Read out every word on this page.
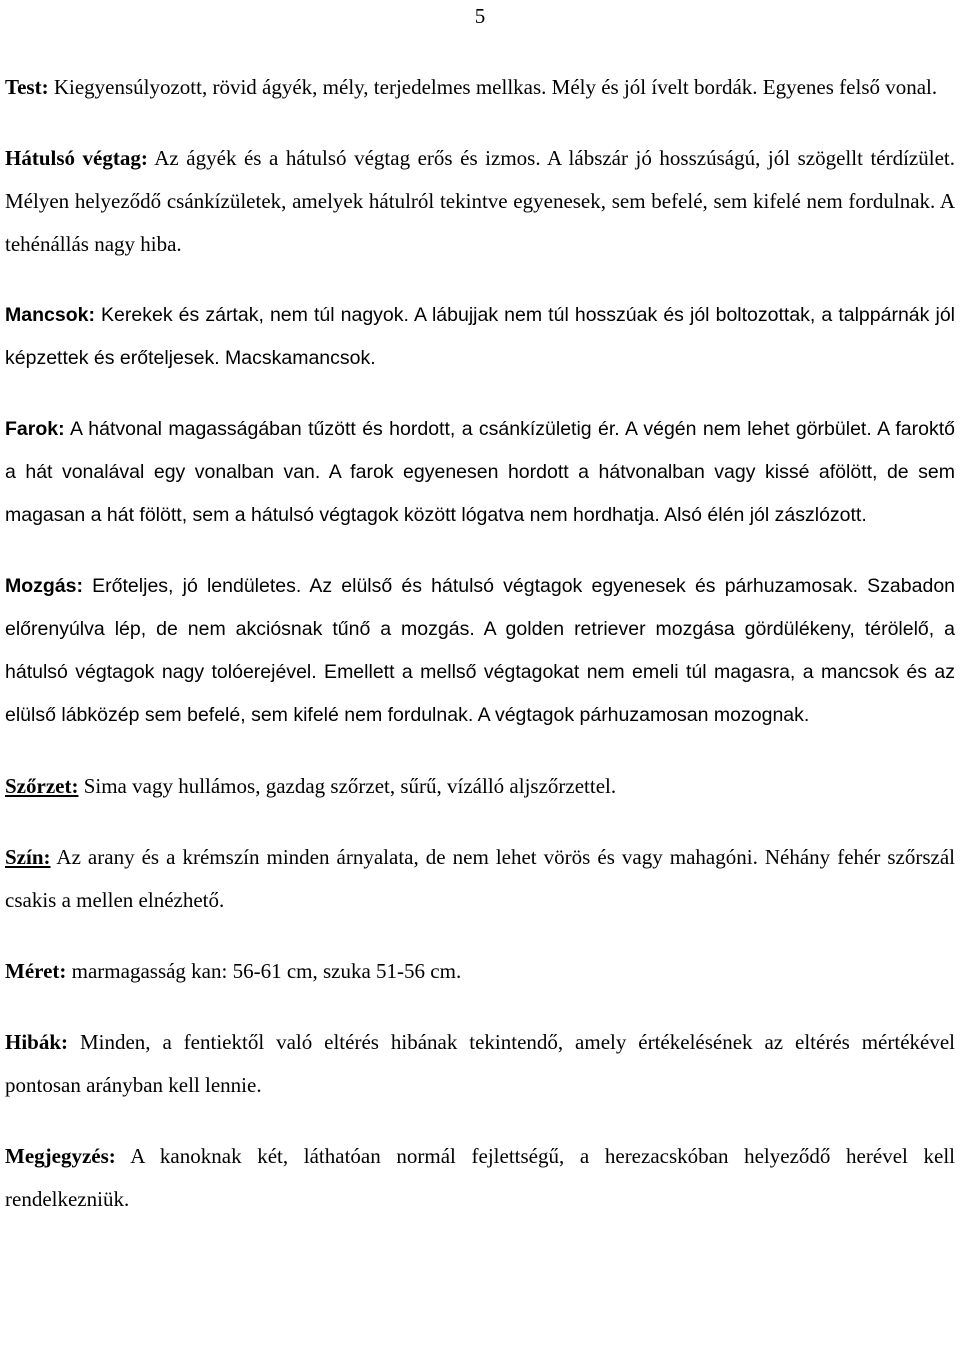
5

Test: Kiegyensúlyozott, rövid ágyék, mély, terjedelmes mellkas. Mély és jól ívelt bordák. Egyenes felső vonal.

Hátulsó végtag: Az ágyék és a hátulsó végtag erős és izmos. A lábszár jó hosszúságú, jól szögellt térdízület. Mélyen helyeződő csánkízületek, amelyek hátulról tekintve egyenesek, sem befelé, sem kifelé nem fordulnak. A tehénállás nagy hiba.

Mancsok: Kerekek és zártak, nem túl nagyok. A lábujjak nem túl hosszúak és jól boltozottak, a talppárnák jól képzettek és erőteljesek. Macskamancsok.

Farok: A hátvonal magasságában tűzött és hordott, a csánkízületig ér. A végén nem lehet görbület. A faroktő a hát vonalával egy vonalban van. A farok egyenesen hordott a hátvonalban vagy kissé afölött, de sem magasan a hát fölött, sem a hátulsó végtagok között lógatva nem hordhatja. Alsó élén jól zászlózott.

Mozgás: Erőteljes, jó lendületes. Az elülső és hátulsó végtagok egyenesek és párhuzamosak. Szabadon előrenyúlva lép, de nem akciósnak tűnő a mozgás. A golden retriever mozgása gördülékeny, térölelő, a hátulsó végtagok nagy tolóerejével. Emellett a mellső végtagokat nem emeli túl magasra, a mancsok és az elülső lábközép sem befelé, sem kifelé nem fordulnak. A végtagok párhuzamosan mozognak.

Szőrzet: Sima vagy hullámos, gazdag szőrzet, sűrű, vízálló aljszőrzettel.

Szín: Az arany és a krémszín minden árnyalata, de nem lehet vörös és vagy mahagóni. Néhány fehér szőrszál csakis a mellen elnézhető.

Méret: marmagasság kan: 56-61 cm, szuka 51-56 cm.

Hibák: Minden, a fentiektől való eltérés hibának tekintendő, amely értékelésének az eltérés mértékével pontosan arányban kell lennie.

Megjegyzés: A kanoknak két, láthatóan normál fejlettségű, a herezacskóban helyeződő herével kell rendelkezniük.
